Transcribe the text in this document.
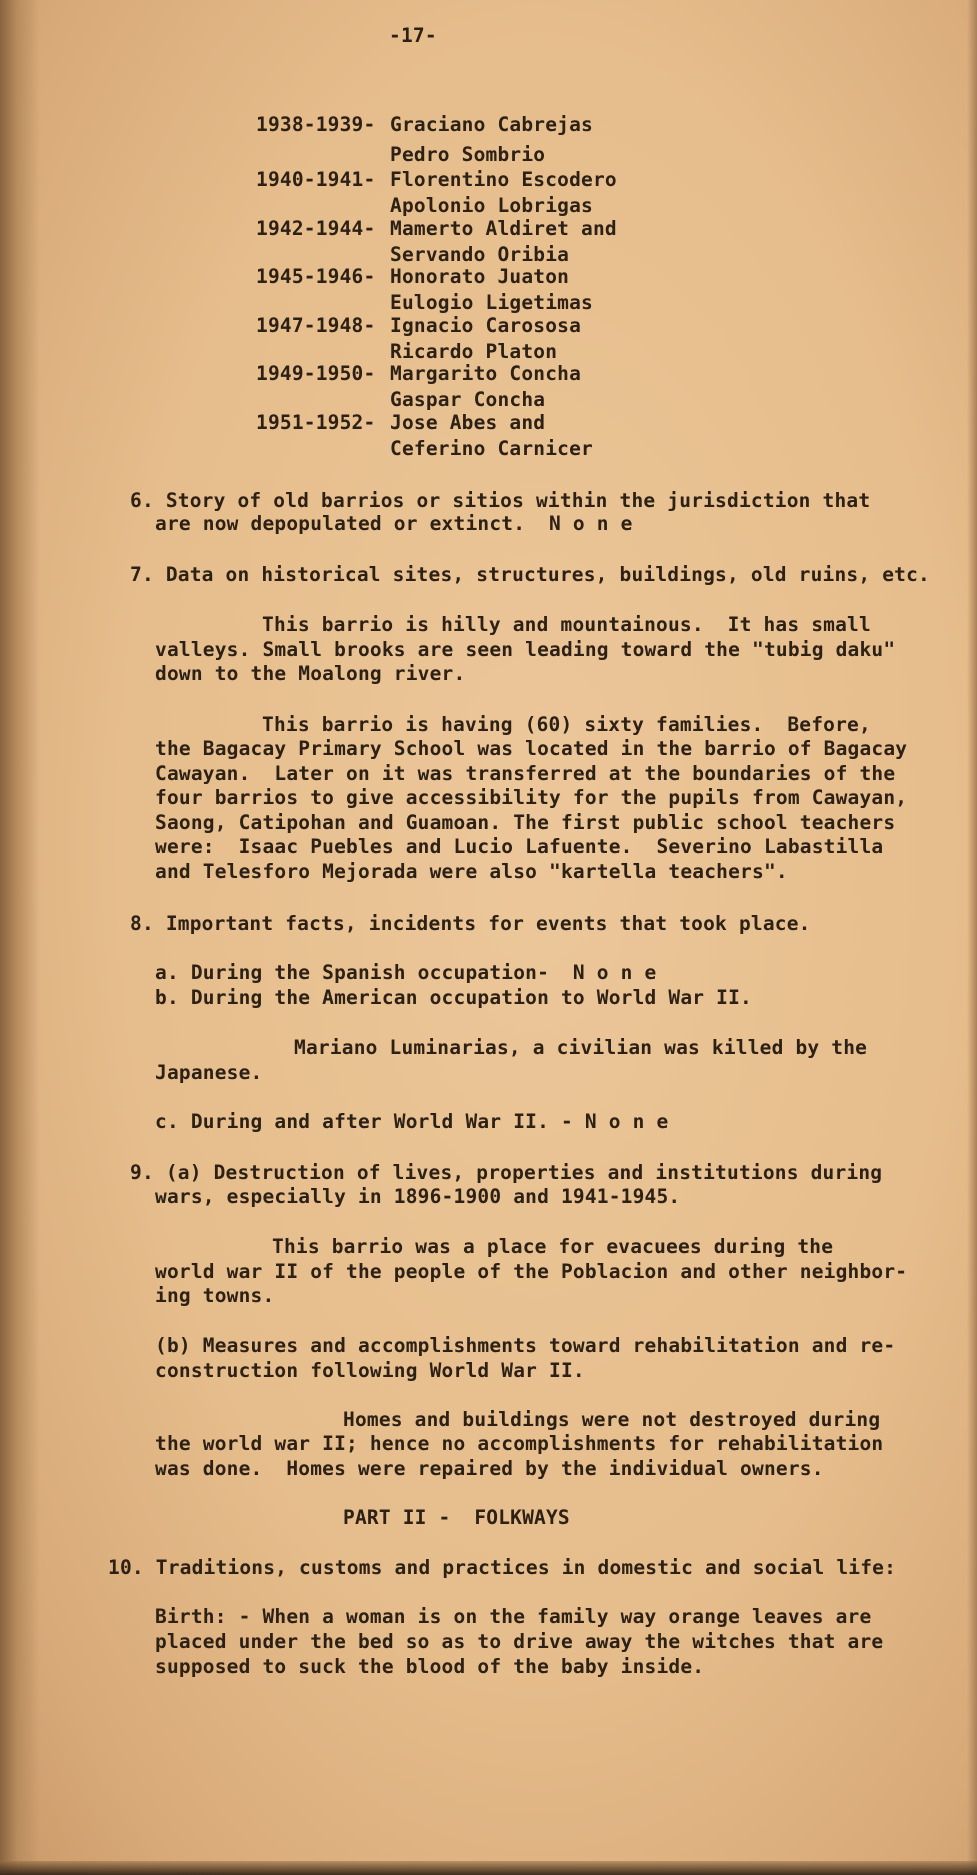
-17-
1938-1939- Graciano Cabrejas
Pedro Sombrio
1940-1941- Florentino Escodero
Apolonio Lobrigas
1942-1944- Mamerto Aldiret and
Servando Oribia
1945-1946- Honorato Juaton
Eulogio Ligetimas
1947-1948- Ignacio Carososa
Ricardo Platon
1949-1950- Margarito Concha
Gaspar Concha
1951-1952- Jose Abes and
Ceferino Carnicer
6. Story of old barrios or sitios within the jurisdiction that
are now depopulated or extinct.  N o n e
7. Data on historical sites, structures, buildings, old ruins, etc.
This barrio is hilly and mountainous.  It has small
valleys. Small brooks are seen leading toward the "tubig daku"
down to the Moalong river.
This barrio is having (60) sixty families.  Before,
the Bagacay Primary School was located in the barrio of Bagacay
Cawayan.  Later on it was transferred at the boundaries of the
four barrios to give accessibility for the pupils from Cawayan,
Saong, Catipohan and Guamoan. The first public school teachers
were:  Isaac Puebles and Lucio Lafuente.  Severino Labastilla
and Telesforo Mejorada were also "kartella teachers".
8. Important facts, incidents for events that took place.
a. During the Spanish occupation-  N o n e
b. During the American occupation to World War II.
Mariano Luminarias, a civilian was killed by the
Japanese.
c. During and after World War II. - N o n e
9. (a) Destruction of lives, properties and institutions during
wars, especially in 1896-1900 and 1941-1945.
This barrio was a place for evacuees during the
world war II of the people of the Poblacion and other neighbor-
ing towns.
(b) Measures and accomplishments toward rehabilitation and re-
construction following World War II.
Homes and buildings were not destroyed during
the world war II; hence no accomplishments for rehabilitation
was done.  Homes were repaired by the individual owners.
PART II -  FOLKWAYS
10. Traditions, customs and practices in domestic and social life:
Birth: - When a woman is on the family way orange leaves are
placed under the bed so as to drive away the witches that are
supposed to suck the blood of the baby inside.
